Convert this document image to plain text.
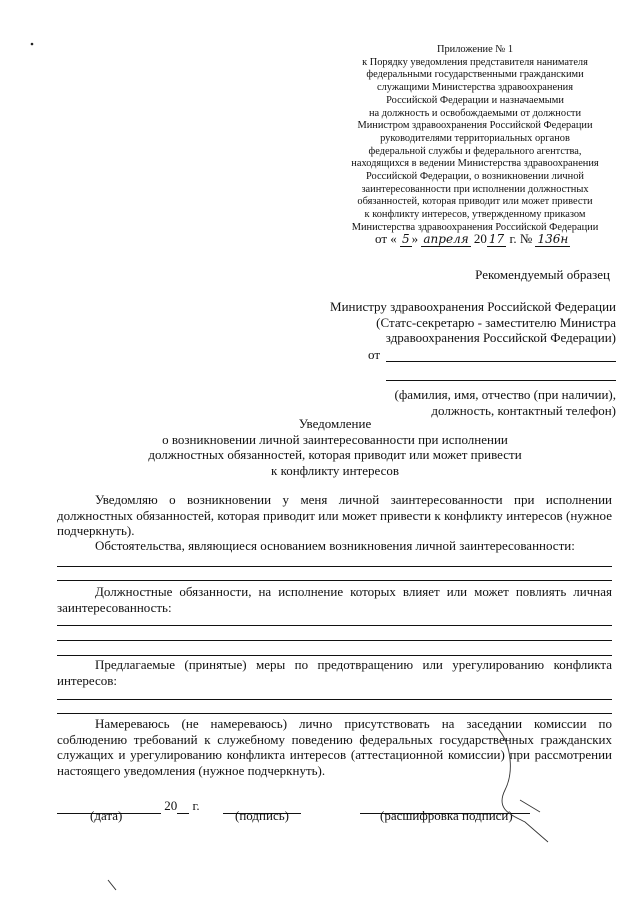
Приложение № 1
к Порядку уведомления представителя нанимателя
федеральными государственными гражданскими
служащими Министерства здравоохранения
Российской Федерации и назначаемыми
на должность и освобождаемыми от должности
Министром здравоохранения Российской Федерации
руководителями территориальных органов
федеральной службы и федерального агентства,
находящихся в ведении Министерства здравоохранения
Российской Федерации, о возникновении личной
заинтересованности при исполнении должностных
обязанностей, которая приводит или может привести
к конфликту интересов, утвержденному приказом
Министерства здравоохранения Российской Федерации
от « 5 » апреля 20 17 г. № 136н
Рекомендуемый образец
Министру здравоохранения Российской Федерации
(Статс-секретарю - заместителю Министра
здравоохранения Российской Федерации)
от
(фамилия, имя, отчество (при наличии),
должность, контактный телефон)
Уведомление
о возникновении личной заинтересованности при исполнении
должностных обязанностей, которая приводит или может привести
к конфликту интересов
Уведомляю о возникновении у меня личной заинтересованности при исполнении должностных обязанностей, которая приводит или может привести к конфликту интересов (нужное подчеркнуть).
Обстоятельства, являющиеся основанием возникновения личной заинтересованности:
Должностные обязанности, на исполнение которых влияет или может повлиять личная заинтересованность:
Предлагаемые (принятые) меры по предотвращению или урегулированию конфликта интересов:
Намереваюсь (не намереваюсь) лично присутствовать на заседании комиссии по соблюдению требований к служебному поведению федеральных государственных гражданских служащих и урегулированию конфликта интересов (аттестационной комиссии) при рассмотрении настоящего уведомления (нужное подчеркнуть).
20 г.
(дата)	(подпись)	(расшифровка подписи)
